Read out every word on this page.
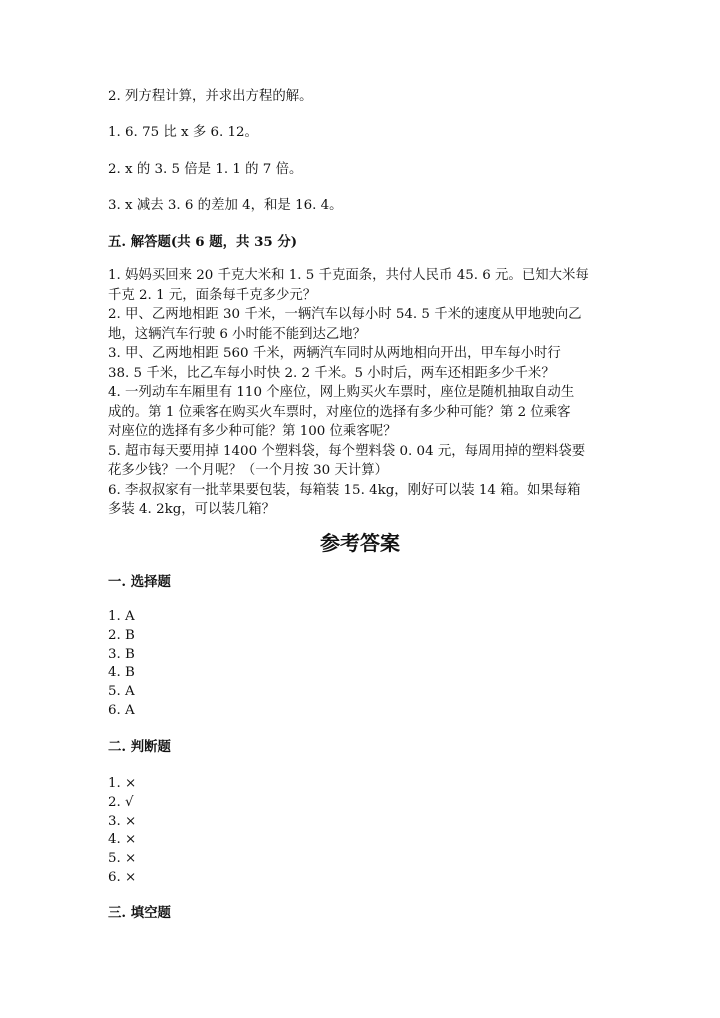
2. 列方程计算，并求出方程的解。
1. 6. 75 比 x 多 6. 12。
2. x 的 3. 5 倍是 1. 1 的 7 倍。
3. x 减去 3. 6 的差加 4，和是 16. 4。
五. 解答题(共 6 题，共 35 分)
1. 妈妈买回来 20 千克大米和 1. 5 千克面条，共付人民币 45. 6 元。已知大米每
千克 2. 1 元，面条每千克多少元？
2. 甲、乙两地相距 30 千米，一辆汽车以每小时 54. 5 千米的速度从甲地驶向乙
地，这辆汽车行驶 6 小时能不能到达乙地？
3. 甲、乙两地相距 560 千米，两辆汽车同时从两地相向开出，甲车每小时行
38. 5 千米，比乙车每小时快 2. 2 千米。5 小时后，两车还相距多少千米？
4. 一列动车车厢里有 110 个座位，网上购买火车票时，座位是随机抽取自动生
成的。第 1 位乘客在购买火车票时，对座位的选择有多少种可能？第 2 位乘客
对座位的选择有多少种可能？第 100 位乘客呢？
5. 超市每天要用掉 1400 个塑料袋，每个塑料袋 0. 04 元，每周用掉的塑料袋要
花多少钱？一个月呢？（一个月按 30 天计算）
6. 李叔叔家有一批苹果要包装，每箱装 15. 4kg，刚好可以装 14 箱。如果每箱
多装 4. 2kg，可以装几箱？
参考答案
一. 选择题
1. A
2. B
3. B
4. B
5. A
6. A
二. 判断题
1. ×
2. √
3. ×
4. ×
5. ×
6. ×
三. 填空题
